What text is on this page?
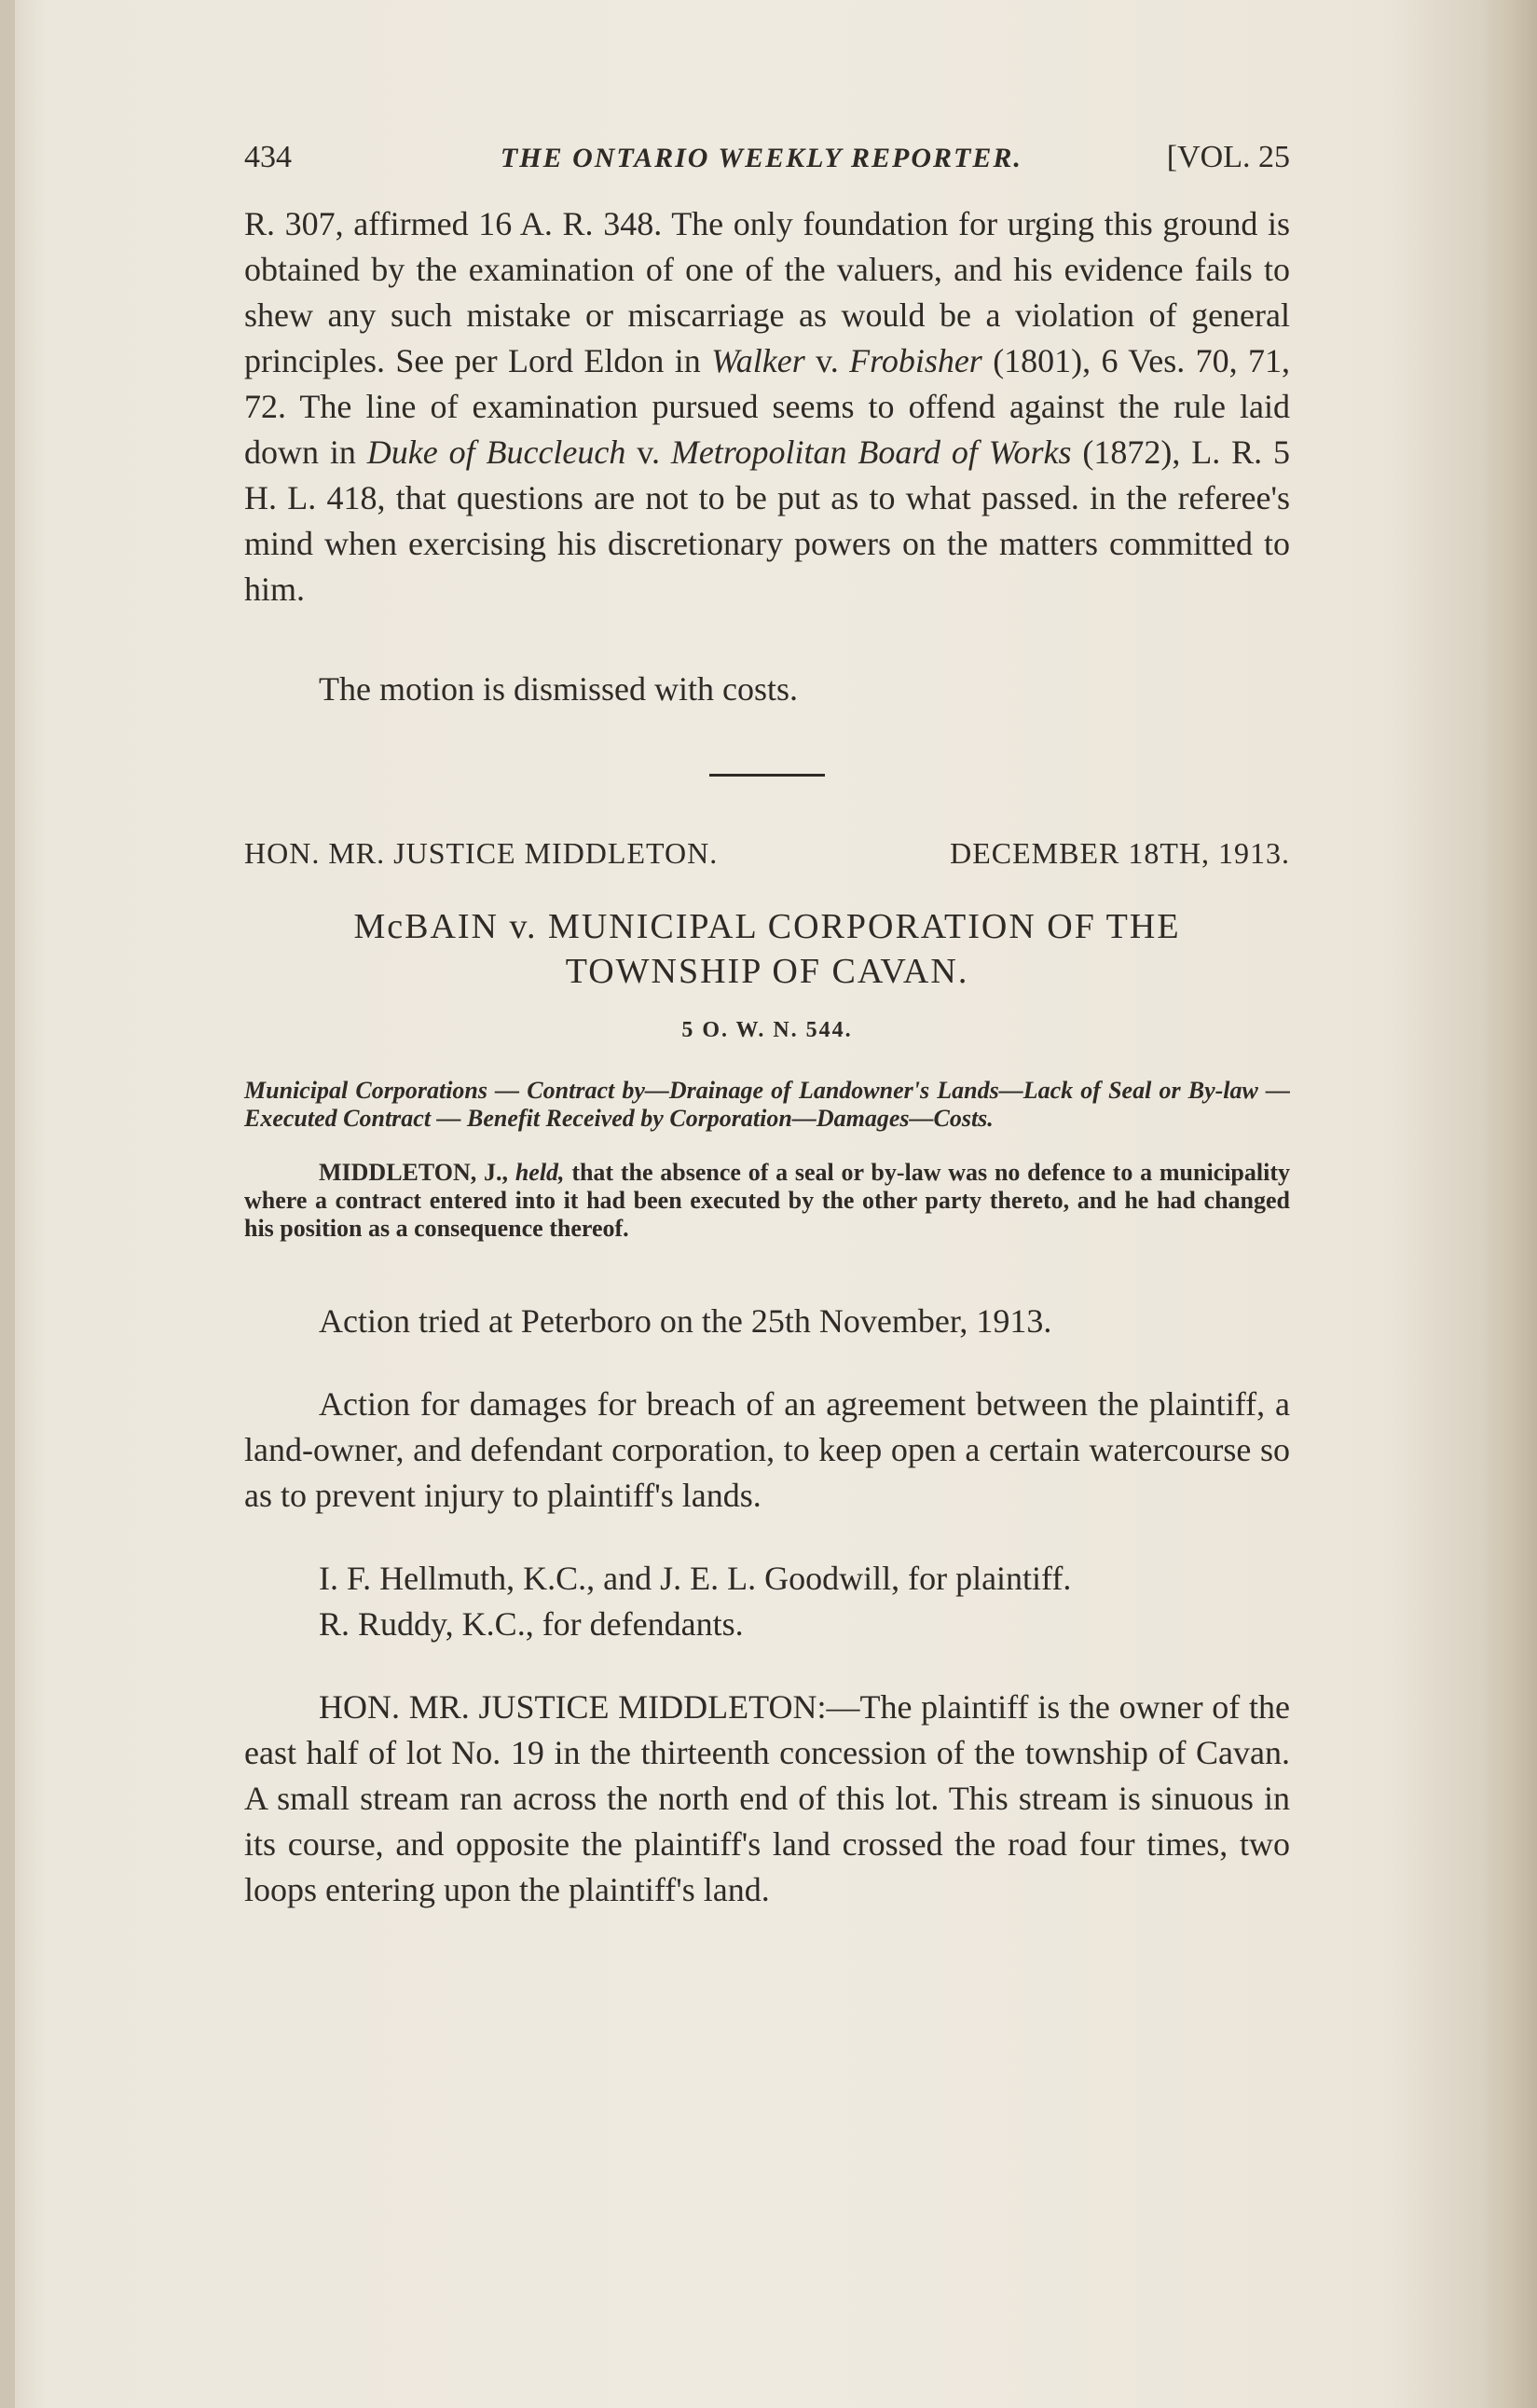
434	THE ONTARIO WEEKLY REPORTER.	[VOL. 25

R. 307, affirmed 16 A. R. 348. The only foundation for urging this ground is obtained by the examination of one of the valuers, and his evidence fails to shew any such mistake or miscarriage as would be a violation of general principles. See per Lord Eldon in Walker v. Frobisher (1801), 6 Ves. 70, 71, 72. The line of examination pursued seems to offend against the rule laid down in Duke of Buccleuch v. Metropolitan Board of Works (1872), L. R. 5 H. L. 418, that questions are not to be put as to what passed. in the referee's mind when exercising his discretionary powers on the matters committed to him.

The motion is dismissed with costs.

HON. MR. JUSTICE MIDDLETON.	DECEMBER 18TH, 1913.
McBAIN v. MUNICIPAL CORPORATION OF THE
TOWNSHIP OF CAVAN.
5 O. W. N. 544.

Municipal Corporations — Contract by—Drainage of Landowner's Lands—Lack of Seal or By-law — Executed Contract — Benefit Received by Corporation—Damages—Costs.

MIDDLETON, J., held, that the absence of a seal or by-law was no defence to a municipality where a contract entered into it had been executed by the other party thereto, and he had changed his position as a consequence thereof.

Action tried at Peterboro on the 25th November, 1913.

Action for damages for breach of an agreement between the plaintiff, a land-owner, and defendant corporation, to keep open a certain watercourse so as to prevent injury to plaintiff's lands.

I. F. Hellmuth, K.C., and J. E. L. Goodwill, for plaintiff.

R. Ruddy, K.C., for defendants.

HON. MR. JUSTICE MIDDLETON:—The plaintiff is the owner of the east half of lot No. 19 in the thirteenth concession of the township of Cavan. A small stream ran across the north end of this lot. This stream is sinuous in its course, and opposite the plaintiff's land crossed the road four times, two loops entering upon the plaintiff's land.
